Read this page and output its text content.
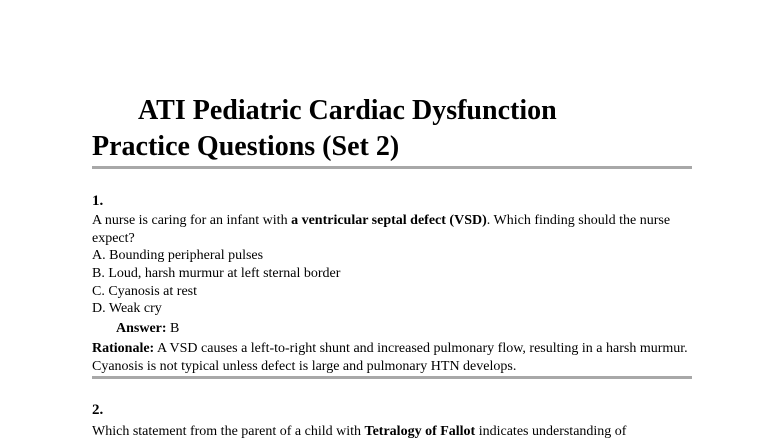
ATI Pediatric Cardiac Dysfunction
Practice Questions (Set 2)
1.
A nurse is caring for an infant with a ventricular septal defect (VSD). Which finding should the nurse expect?
A. Bounding peripheral pulses
B. Loud, harsh murmur at left sternal border
C. Cyanosis at rest
D. Weak cry
Answer: B
Rationale: A VSD causes a left-to-right shunt and increased pulmonary flow, resulting in a harsh murmur. Cyanosis is not typical unless defect is large and pulmonary HTN develops.
2.
Which statement from the parent of a child with Tetralogy of Fallot indicates understanding of
